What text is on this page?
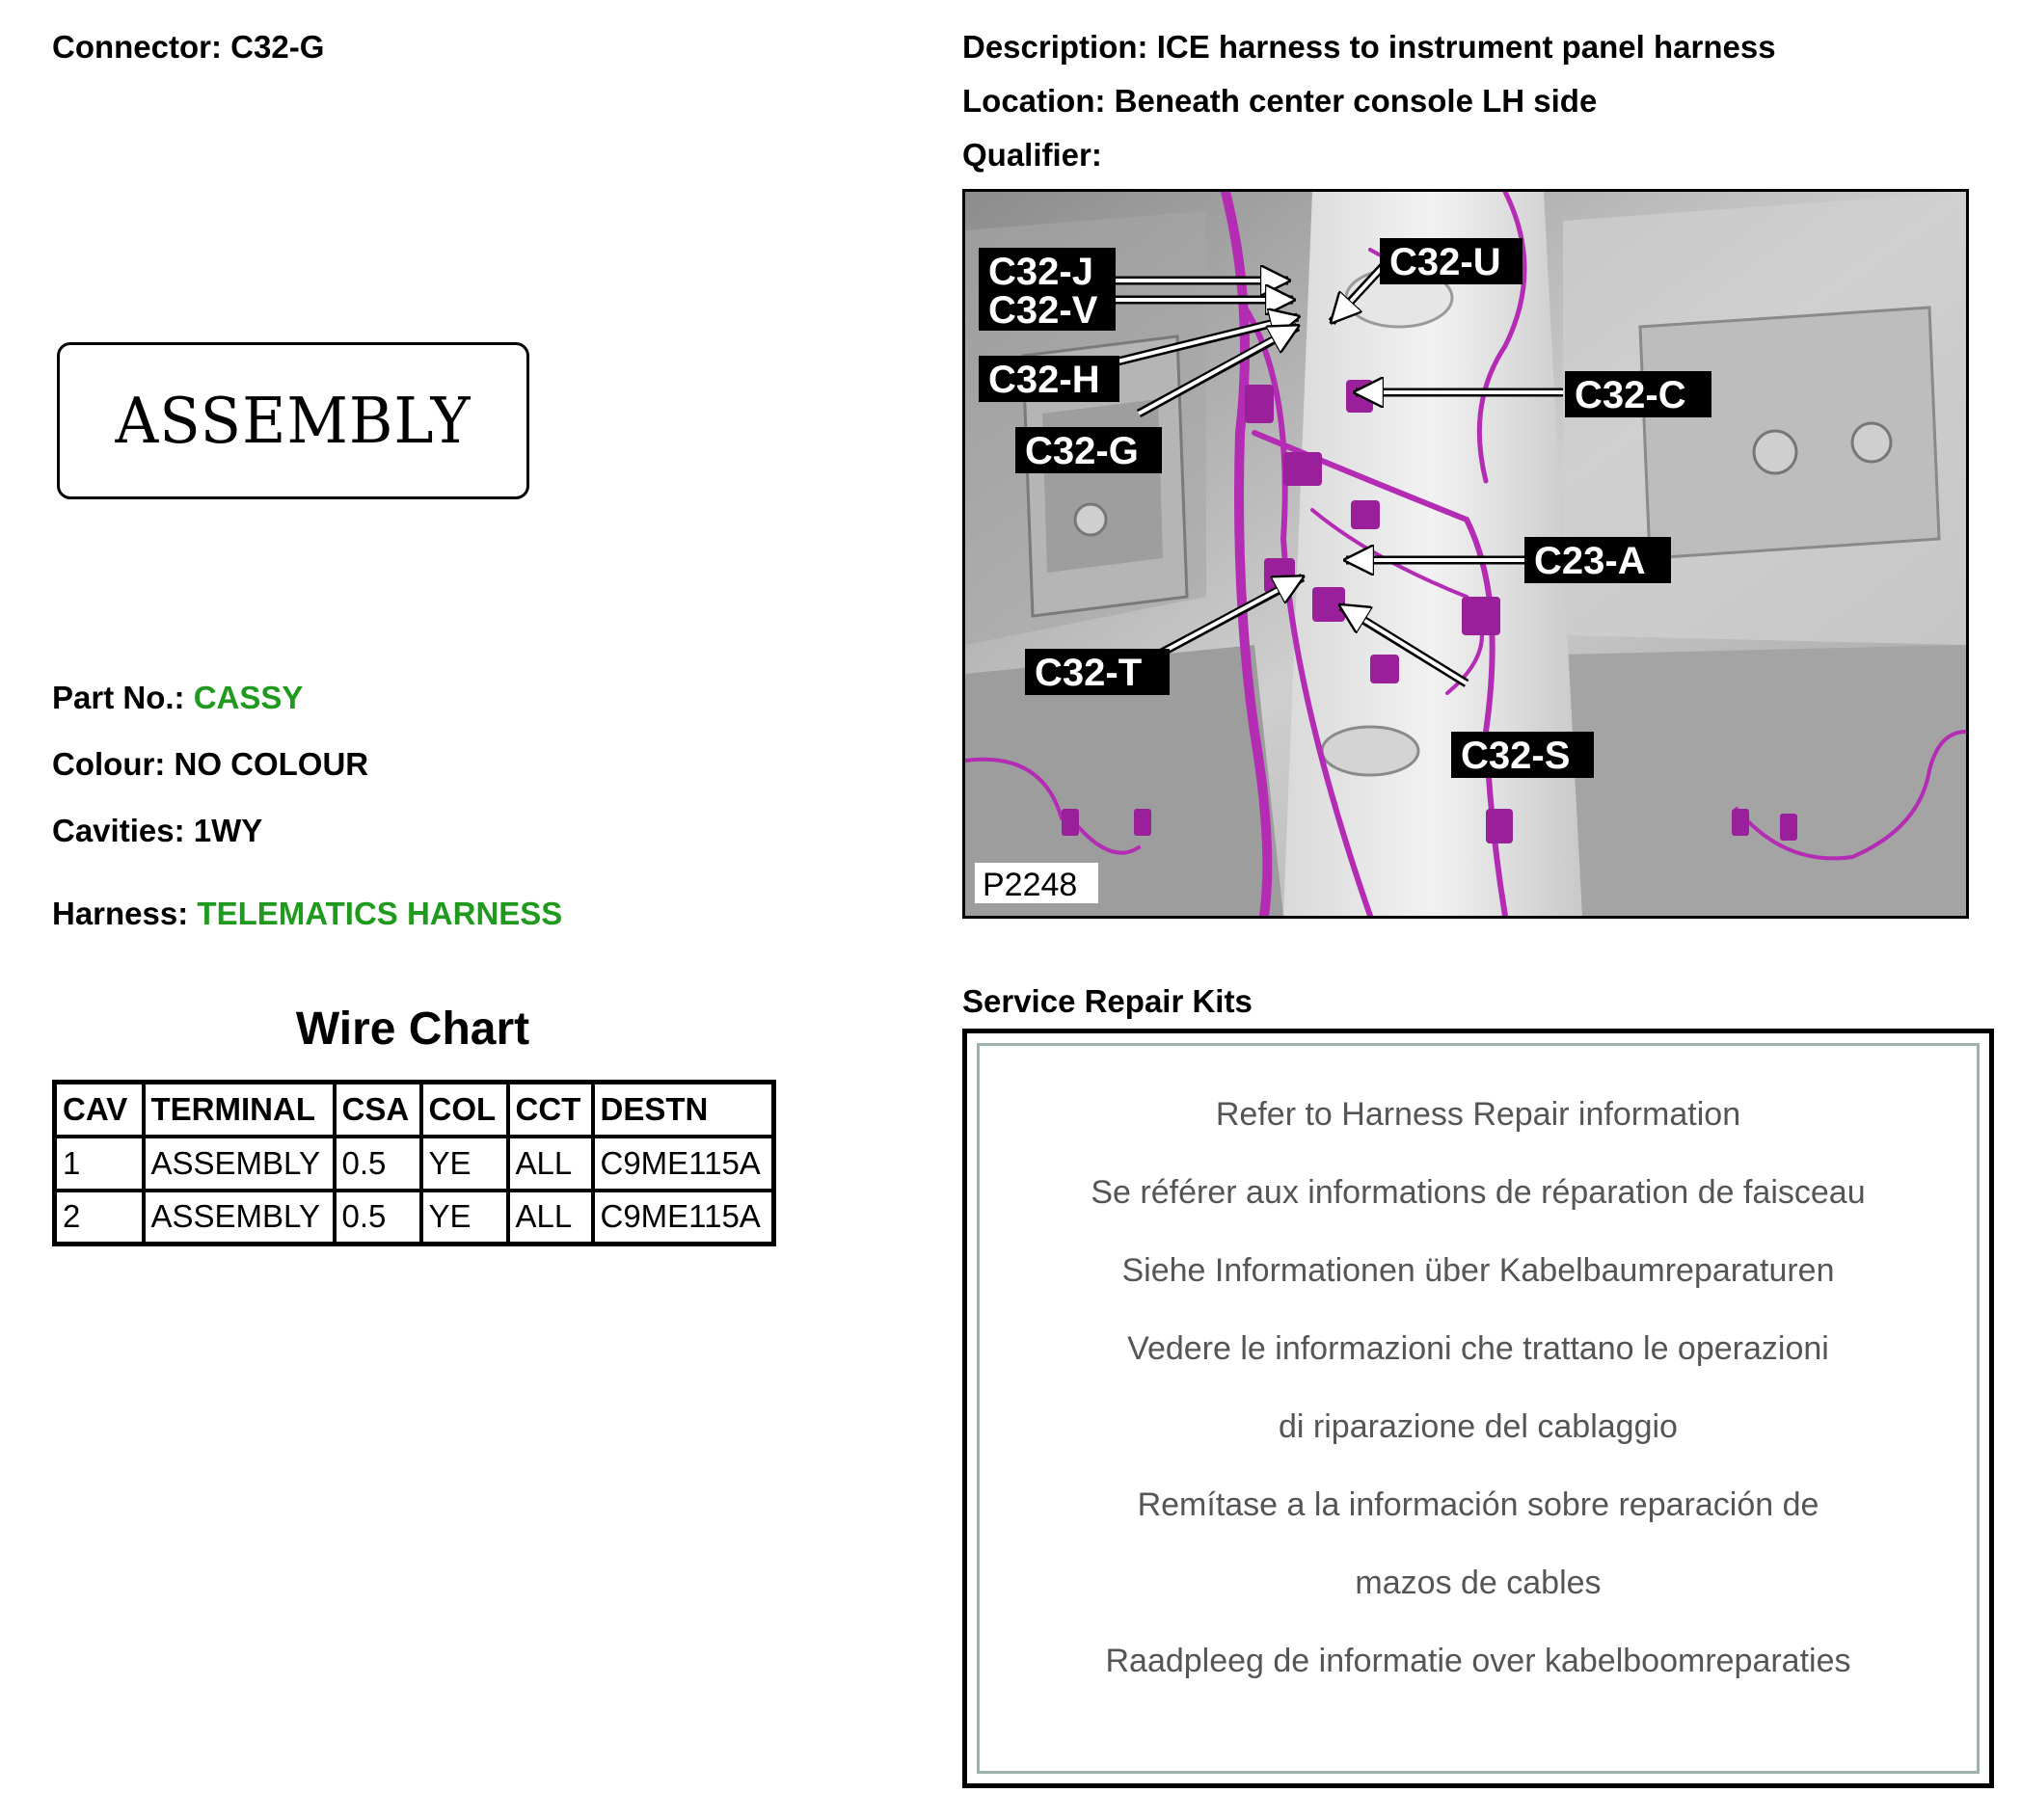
Connector: C32-G
ASSEMBLY
Part No.: CASSY
Colour: NO COLOUR
Cavities: 1WY
Harness: TELEMATICS HARNESS
Wire Chart
CAV	TERMINAL	CSA	COL	CCT	DESTN
1	ASSEMBLY	0.5	YE	ALL	C9ME115A
2	ASSEMBLY	0.5	YE	ALL	C9ME115A
Description: ICE harness to instrument panel harness
Location: Beneath center console LH side
Qualifier:
C32-J
C32-V
C32-U
C32-H	C32-C
C32-G
C23-A
C32-T
C32-S
P2248
Service Repair Kits
Refer to Harness Repair information
Se référer aux informations de réparation de faisceau
Siehe Informationen über Kabelbaumreparaturen
Vedere le informazioni che trattano le operazioni
di riparazione del cablaggio
Remítase a la información sobre reparación de
mazos de cables
Raadpleeg de informatie over kabelboomreparaties
